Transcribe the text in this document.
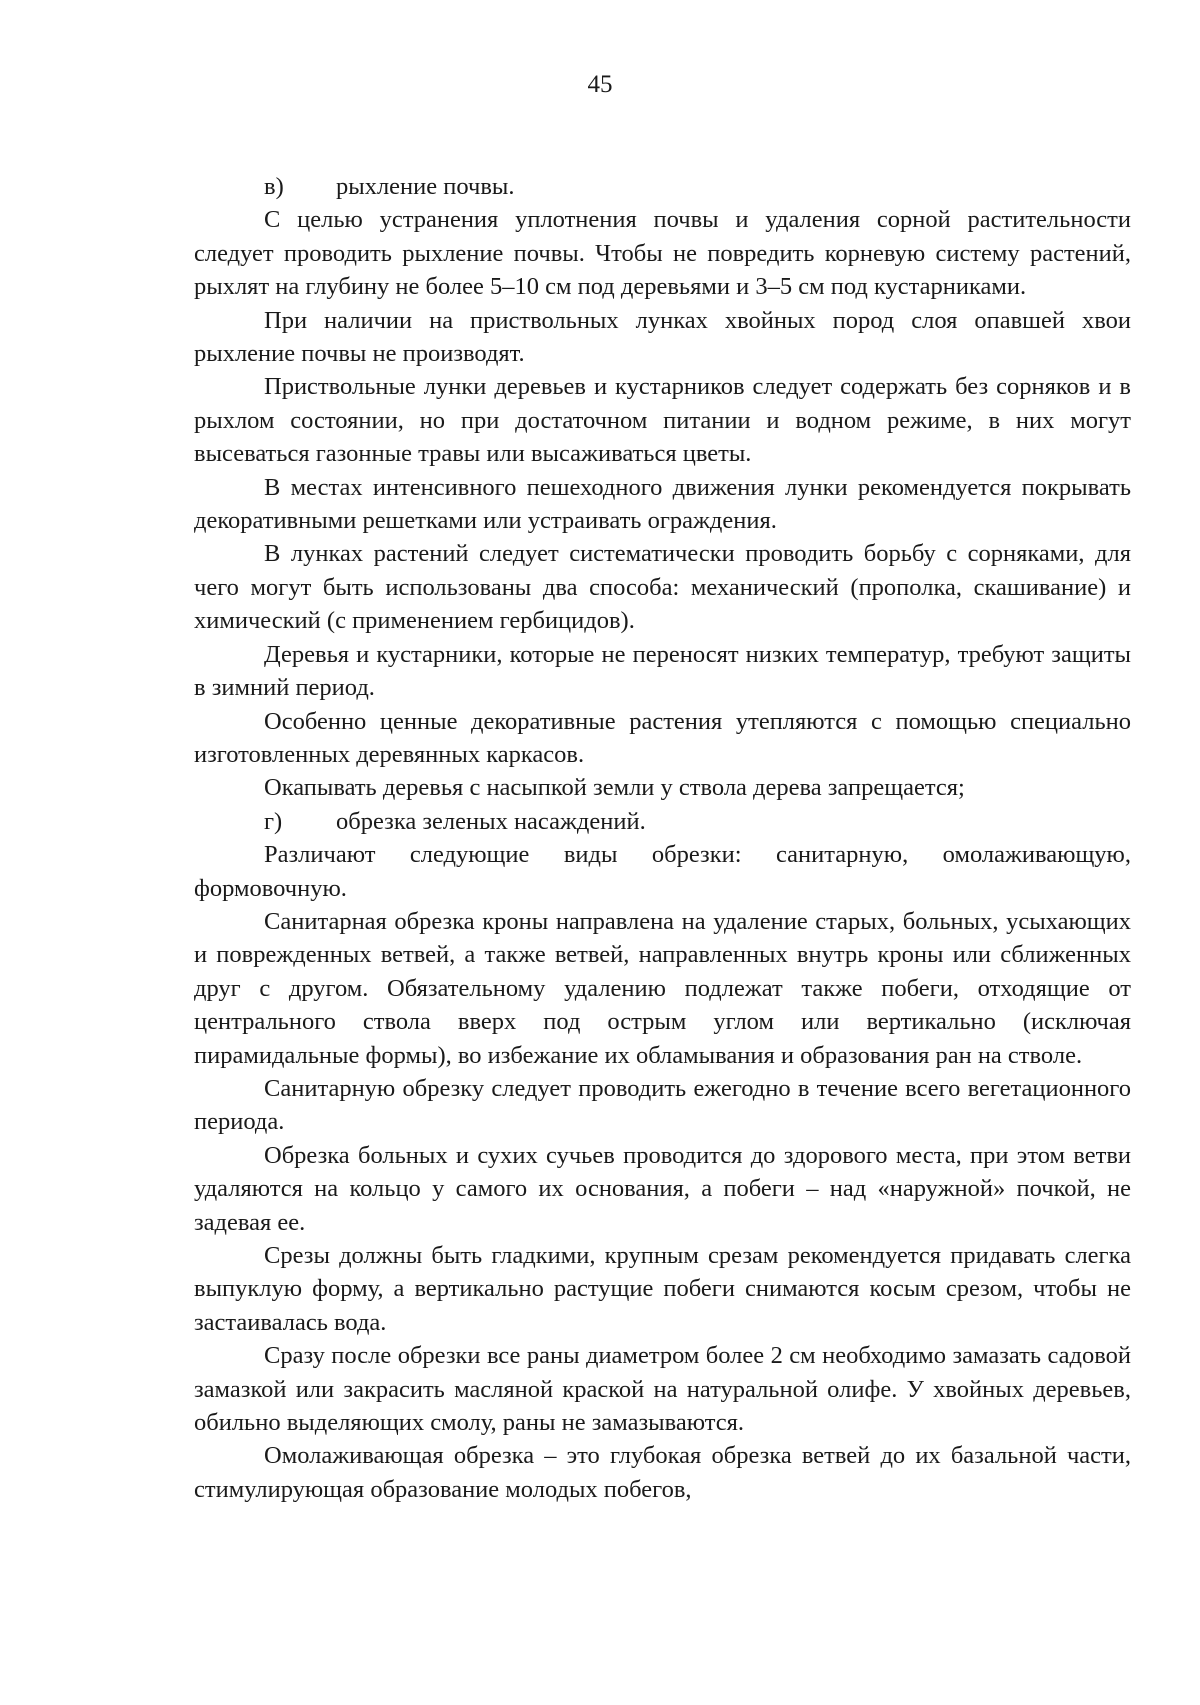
45

в) рыхление почвы.

С целью устранения уплотнения почвы и удаления сорной растительности следует проводить рыхление почвы. Чтобы не повредить корневую систему растений, рыхлят на глубину не более 5–10 см под деревьями и 3–5 см под кустарниками.

При наличии на приствольных лунках хвойных пород слоя опавшей хвои рыхление почвы не производят.

Приствольные лунки деревьев и кустарников следует содержать без сорняков и в рыхлом состоянии, но при достаточном питании и водном режиме, в них могут высеваться газонные травы или высаживаться цветы.

В местах интенсивного пешеходного движения лунки рекомендуется покрывать декоративными решетками или устраивать ограждения.

В лунках растений следует систематически проводить борьбу с сорняками, для чего могут быть использованы два способа: механический (прополка, скашивание) и химический (с применением гербицидов).

Деревья и кустарники, которые не переносят низких температур, требуют защиты в зимний период.

Особенно ценные декоративные растения утепляются с помощью специально изготовленных деревянных каркасов.

Окапывать деревья с насыпкой земли у ствола дерева запрещается;

г) обрезка зеленых насаждений.

Различают следующие виды обрезки: санитарную, омолаживающую, формовочную.

Санитарная обрезка кроны направлена на удаление старых, больных, усыхающих и поврежденных ветвей, а также ветвей, направленных внутрь кроны или сближенных друг с другом. Обязательному удалению подлежат также побеги, отходящие от центрального ствола вверх под острым углом или вертикально (исключая пирамидальные формы), во избежание их обламывания и образования ран на стволе.

Санитарную обрезку следует проводить ежегодно в течение всего вегетационного периода.

Обрезка больных и сухих сучьев проводится до здорового места, при этом ветви удаляются на кольцо у самого их основания, а побеги – над «наружной» почкой, не задевая ее.

Срезы должны быть гладкими, крупным срезам рекомендуется придавать слегка выпуклую форму, а вертикально растущие побеги снимаются косым срезом, чтобы не застаивалась вода.

Сразу после обрезки все раны диаметром более 2 см необходимо замазать садовой замазкой или закрасить масляной краской на натуральной олифе. У хвойных деревьев, обильно выделяющих смолу, раны не замазываются.

Омолаживающая обрезка – это глубокая обрезка ветвей до их базальной части, стимулирующая образование молодых побегов,
